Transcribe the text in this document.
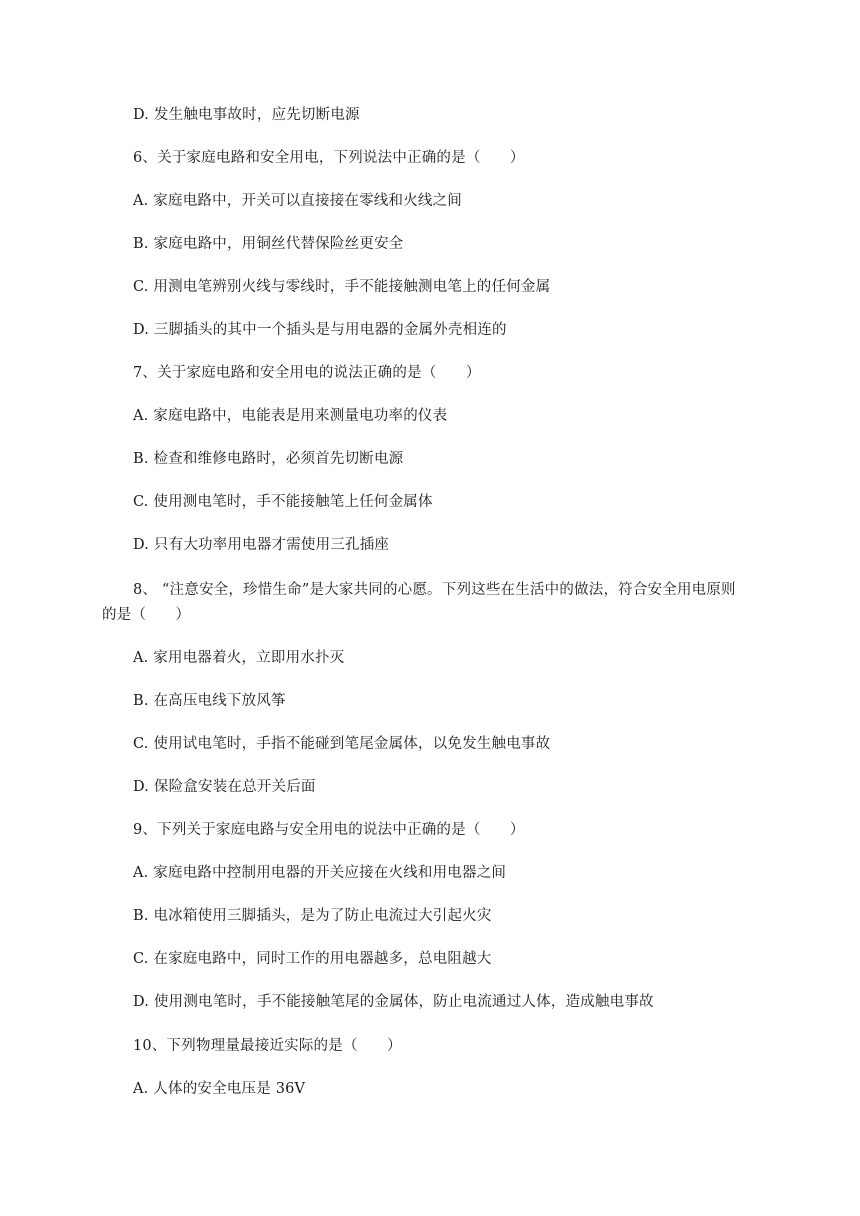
D. 发生触电事故时，应先切断电源
6、关于家庭电路和安全用电，下列说法中正确的是（　　）
A. 家庭电路中，开关可以直接接在零线和火线之间
B. 家庭电路中，用铜丝代替保险丝更安全
C. 用测电笔辨别火线与零线时，手不能接触测电笔上的任何金属
D. 三脚插头的其中一个插头是与用电器的金属外壳相连的
7、关于家庭电路和安全用电的说法正确的是（　　）
A. 家庭电路中，电能表是用来测量电功率的仪表
B. 检查和维修电路时，必须首先切断电源
C. 使用测电笔时，手不能接触笔上任何金属体
D. 只有大功率用电器才需使用三孔插座
8、 “注意安全，珍惜生命”是大家共同的心愿。下列这些在生活中的做法，符合安全用电原则
的是（　　）
A. 家用电器着火，立即用水扑灭
B. 在高压电线下放风筝
C. 使用试电笔时，手指不能碰到笔尾金属体，以免发生触电事故
D. 保险盒安装在总开关后面
9、下列关于家庭电路与安全用电的说法中正确的是（　　）
A. 家庭电路中控制用电器的开关应接在火线和用电器之间
B. 电冰箱使用三脚插头，是为了防止电流过大引起火灾
C. 在家庭电路中，同时工作的用电器越多，总电阻越大
D. 使用测电笔时，手不能接触笔尾的金属体，防止电流通过人体，造成触电事故
10、下列物理量最接近实际的是（　　）
A. 人体的安全电压是 36V
